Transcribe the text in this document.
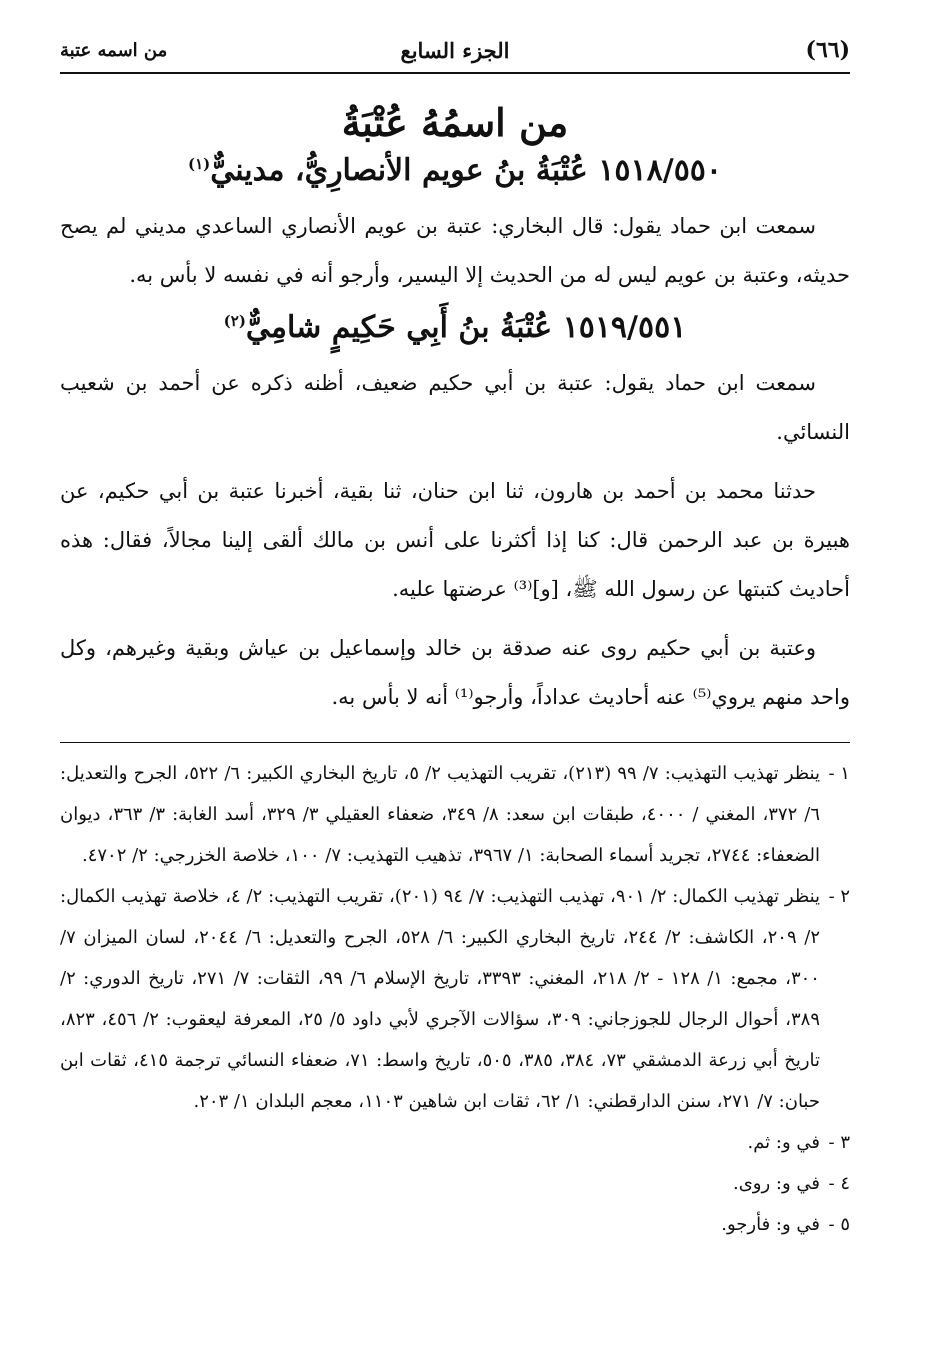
(٦٦)
الجزء السابع
من اسمه عتبة
من اسمُهُ عُتْبَةُ
١٥١٨/٥٥٠ عُتْبَةُ بنُ عويم الأنصارِيُّ، مدينيٌّ$^{(١)}$

سمعت ابن حماد يقول: قال البخاري: عتبة بن عويم الأنصاري الساعدي مديني لم يصح حديثه، وعتبة بن عويم ليس له من الحديث إلا اليسير، وأرجو أنه في نفسه لا بأس به.

١٥١٩/٥٥١ عُتْبَةُ بنُ أَبِي حَكِيمٍ شامِيٌّ$^{(٢)}$

سمعت ابن حماد يقول: عتبة بن أبي حكيم ضعيف، أظنه ذكره عن أحمد بن شعيب النسائي.

حدثنا محمد بن أحمد بن هارون، ثنا ابن حنان، ثنا بقية، أخبرنا عتبة بن أبي حكيم، عن هبيرة بن عبد الرحمن قال: كنا إذا أكثرنا على أنس بن مالك ألقى إلينا مجالاً، فقال: هذه أحاديث كتبتها عن رسول الله ﷺ، [و]⁽³⁾ عرضتها عليه.

وعتبة بن أبي حكيم روى عنه صدقة بن خالد وإسماعيل بن عياش وبقية وغيرهم، وكل واحد منهم يروي⁽⁵⁾ عنه أحاديث عداداً، وأرجو⁽¹⁾ أنه لا بأس به.

١ -ينظر تهذيب التهذيب: ٧/ ٩٩ (٢١٣)، تقريب التهذيب ٢/ ٥، تاريخ البخاري الكبير: ٦/ ٥٢٢، الجرح والتعديل: ٦/ ٣٧٢، المغني / ٤٠٠٠، طبقات ابن سعد: ٨/ ٣٤٩، ضعفاء العقيلي ٣/ ٣٢٩، أسد الغابة: ٣/ ٣٦٣، ديوان الضعفاء: ٢٧٤٤، تجريد أسماء الصحابة: ١/ ٣٩٦٧، تذهيب التهذيب: ٧/ ١٠٠، خلاصة الخزرجي: ٢/ ٤٧٠٢.

٢ -ينظر تهذيب الكمال: ٢/ ٩٠١، تهذيب التهذيب: ٧/ ٩٤ (٢٠١)، تقريب التهذيب: ٢/ ٤، خلاصة تهذيب الكمال: ٢/ ٢٠٩، الكاشف: ٢/ ٢٤٤، تاريخ البخاري الكبير: ٦/ ٥٢٨، الجرح والتعديل: ٦/ ٢٠٤٤، لسان الميزان ٧/ ٣٠٠، مجمع: ١/ ١٢٨ - ٢/ ٢١٨، المغني: ٣٣٩٣، تاريخ الإسلام ٦/ ٩٩، الثقات: ٧/ ٢٧١، تاريخ الدوري: ٢/ ٣٨٩، أحوال الرجال للجوزجاني: ٣٠٩، سؤالات الآجري لأبي داود ٥/ ٢٥، المعرفة ليعقوب: ٢/ ٤٥٦، ٨٢٣، تاريخ أبي زرعة الدمشقي ٧٣، ٣٨٤، ٣٨٥، ٥٠٥، تاريخ واسط: ٧١، ضعفاء النسائي ترجمة ٤١٥، ثقات ابن حبان: ٧/ ٢٧١، سنن الدارقطني: ١/ ٦٢، ثقات ابن شاهين ١١٠٣، معجم البلدان ١/ ٢٠٣.

٣ -في و: ثم.

٤ -في و: روى.

٥ -في و: فأرجو.
